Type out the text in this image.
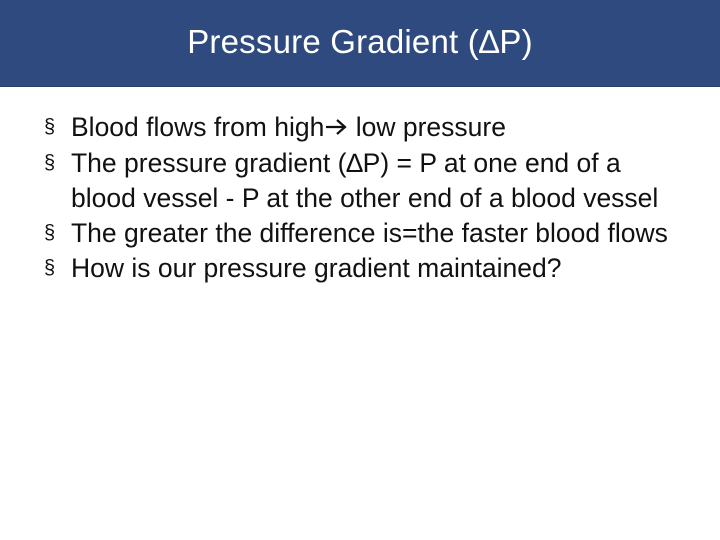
Pressure Gradient (∆P)
§ Blood flows from high low pressure
§ The pressure gradient (∆P) = P at one end of a blood vessel - P at the other end of a blood vessel
§ The greater the difference is=the faster blood flows
§ How is our pressure gradient maintained?
